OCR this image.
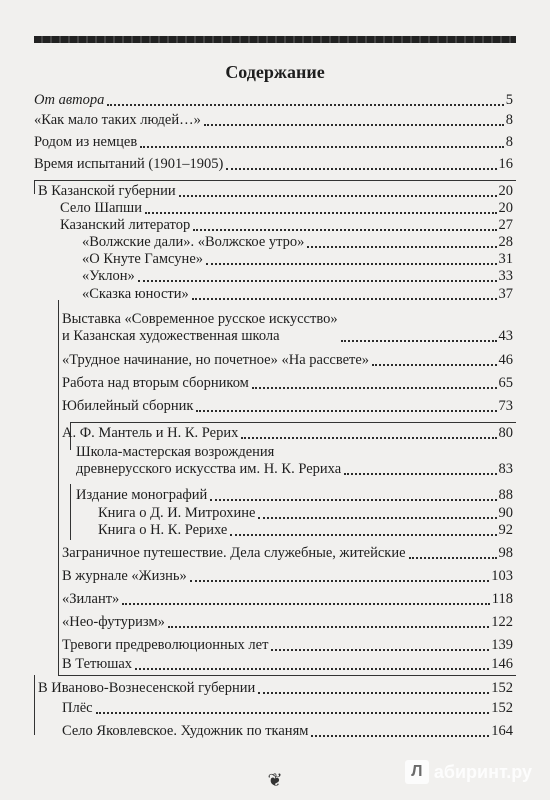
Содержание
От автора	5
«Как мало таких людей…»	8
Родом из немцев	8
Время испытаний (1901–1905)	16
В Казанской губернии	20
Село Шапши	20
Казанский литератор	27
«Волжские дали». «Волжское утро»	28
«О Кнуте Гамсуне»	31
«Уклон»	33
«Сказка юности»	37
Выставка «Современное русское искусство»
и Казанская художественная школа	43
«Трудное начинание, но почетное» «На рассвете»	46
Работа над вторым сборником	65
Юбилейный сборник	73
А. Ф. Мантель и Н. К. Рерих	80
Школа-мастерская возрождения
древнерусского искусства им. Н. К. Рериха	83
Издание монографий	88
Книга о Д. И. Митрохине	90
Книга о Н. К. Рерихе	92
Заграничное путешествие. Дела служебные, житейские	98
В журнале «Жизнь»	103
«Зилант»	118
«Нео-футуризм»	122
Тревоги предреволюционных лет	139
В Тетюшах	146
В Иваново-Вознесенской губернии	152
Плёс	152
Село Яковлевское. Художник по тканям	164
❦	Л абиринт.ру
